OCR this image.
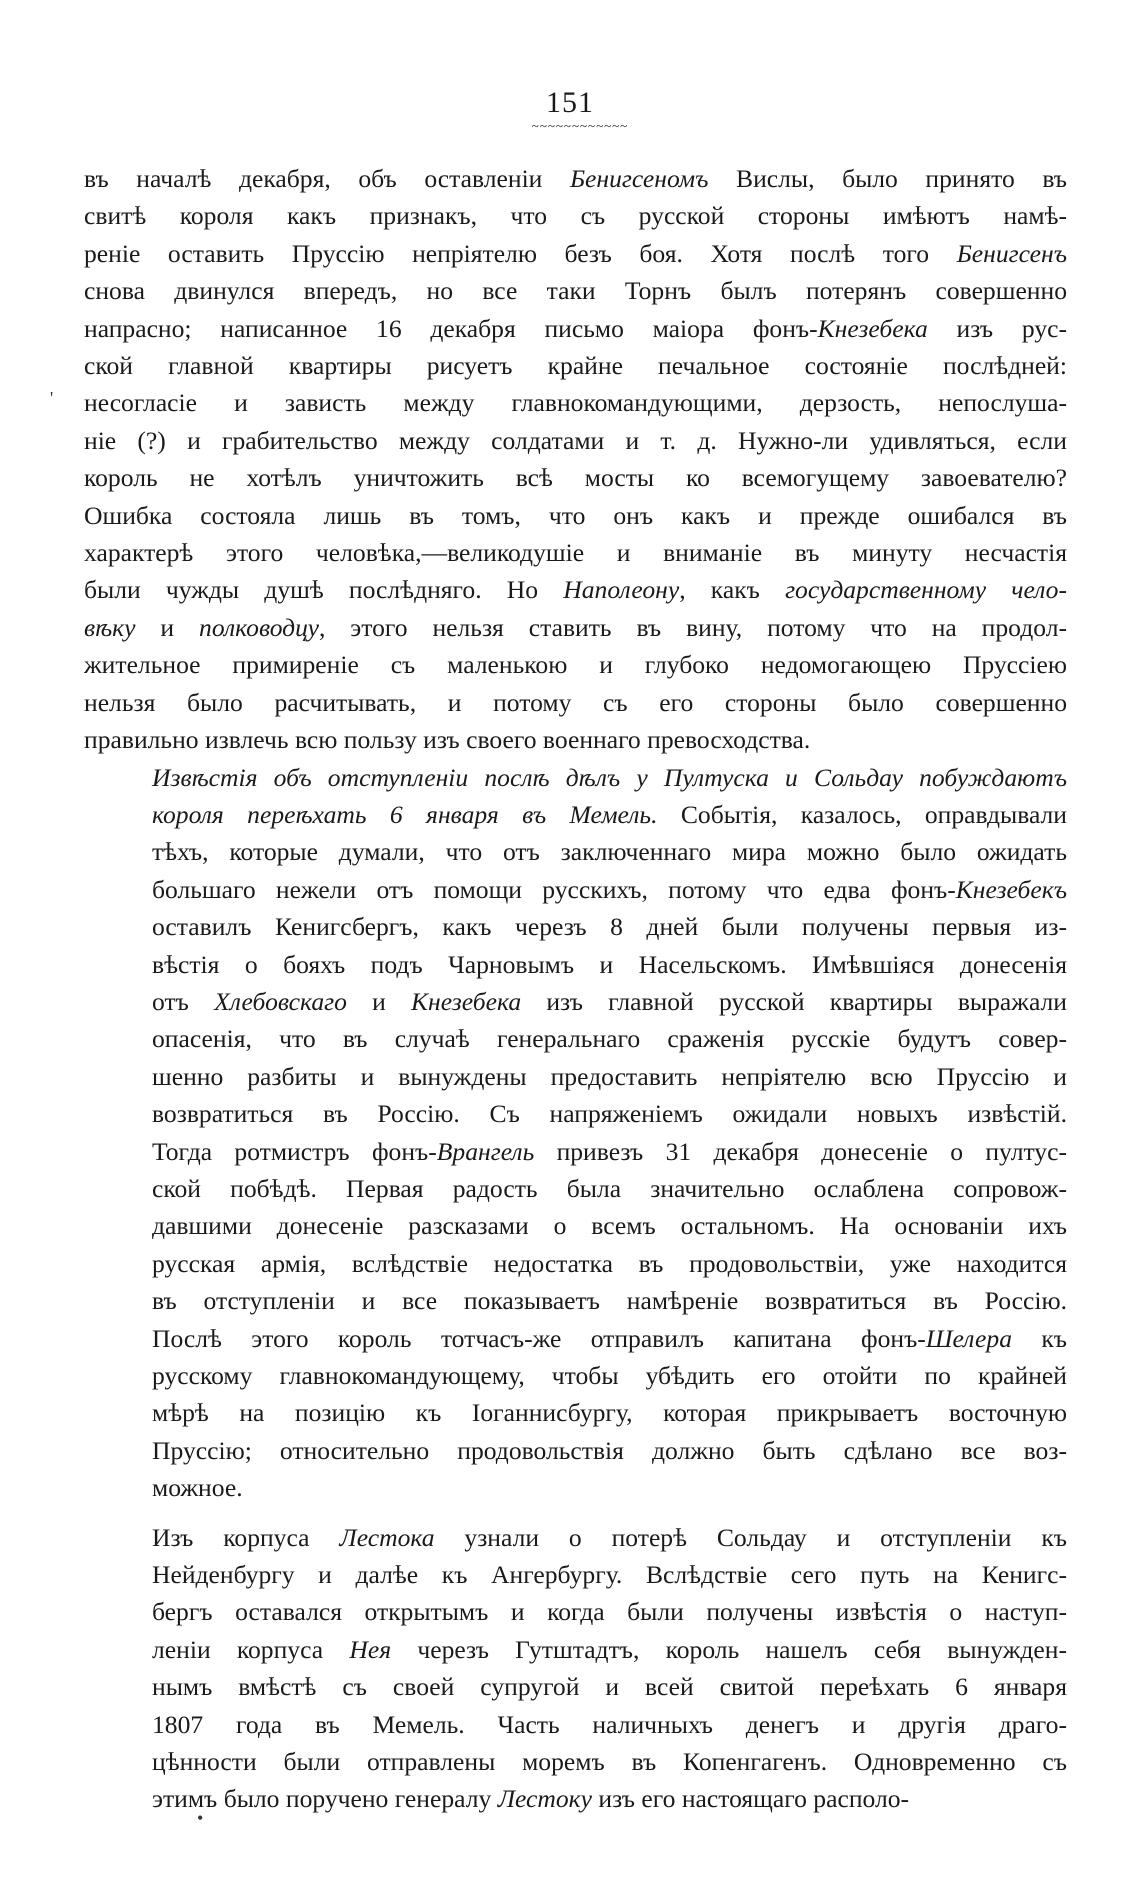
151
~~~~~~~~~~~~
'
•

въ началѣ декабря, объ оставленіи Бенигсеномъ Вислы, было принято въ
свитѣ короля какъ признакъ, что съ русской стороны имѣютъ намѣ-
реніе оставить Пруссію непріятелю безъ боя. Хотя послѣ того Бенигсенъ
снова двинулся впередъ, но все таки Торнъ былъ потерянъ совершенно
напрасно; написанное 16 декабря письмо маіора фонъ-Кнезебека изъ рус-
ской главной квартиры рисуетъ крайне печальное состояніе послѣдней:
несогласіе и зависть между главнокомандующими, дерзость, непослуша-
ніе (?) и грабительство между солдатами и т. д. Нужно-ли удивляться, если
король не хотѣлъ уничтожить всѣ мосты ко всемогущему завоевателю?
Ошибка состояла лишь въ томъ, что онъ какъ и прежде ошибался въ
характерѣ этого человѣка,—великодушіе и вниманіе въ минуту несчастія
были чужды душѣ послѣдняго. Но Наполеону, какъ государственному чело-
вѣку и полководцу, этого нельзя ставить въ вину, потому что на продол-
жительное примиреніе съ маленькою и глубоко недомогающею Пруссіею
нельзя было расчитывать, и потому съ его стороны было совершенно
правильно извлечь всю пользу изъ своего военнаго превосходства.

Извѣстія объ отступленіи послѣ дѣлъ у Пултуска и Сольдау побуждаютъ
короля переѣхать 6 января въ Мемель. Событія, казалось, оправдывали
тѣхъ, которые думали, что отъ заключеннаго мира можно было ожидать
большаго нежели отъ помощи русскихъ, потому что едва фонъ-Кнезебекъ
оставилъ Кенигсбергъ, какъ черезъ 8 дней были получены первыя из-
вѣстія о бояхъ подъ Чарновымъ и Насельскомъ. Имѣвшіяся донесенія
отъ Хлебовскаго и Кнезебека изъ главной русской квартиры выражали
опасенія, что въ случаѣ генеральнаго сраженія русскіе будутъ совер-
шенно разбиты и вынуждены предоставить непріятелю всю Пруссію и
возвратиться въ Россію. Съ напряженіемъ ожидали новыхъ извѣстій.
Тогда ротмистръ фонъ-Врангель привезъ 31 декабря донесеніе о пултус-
ской побѣдѣ. Первая радость была значительно ослаблена сопровож-
давшими донесеніе разсказами о всемъ остальномъ. На основаніи ихъ
русская армія, вслѣдствіе недостатка въ продовольствіи, уже находится
въ отступленіи и все показываетъ намѣреніе возвратиться въ Россію.
Послѣ этого король тотчасъ-же отправилъ капитана фонъ-Шелера къ
русскому главнокомандующему, чтобы убѣдить его отойти по крайней
мѣрѣ на позицію къ Іоганнисбургу, которая прикрываетъ восточную
Пруссію; относительно продовольствія должно быть сдѣлано все воз-
можное.

Изъ корпуса Лестока узнали о потерѣ Сольдау и отступленіи къ
Нейденбургу и далѣе къ Ангербургу. Вслѣдствіе сего путь на Кенигс-
бергъ оставался открытымъ и когда были получены извѣстія о наступ-
леніи корпуса Нея черезъ Гутштадтъ, король нашелъ себя вынужден-
нымъ вмѣстѣ съ своей супругой и всей свитой переѣхать 6 января
1807 года въ Мемель. Часть наличныхъ денегъ и другія драго-
цѣнности были отправлены моремъ въ Копенгагенъ. Одновременно съ
этимъ было поручено генералу Лестоку изъ его настоящаго располо-
